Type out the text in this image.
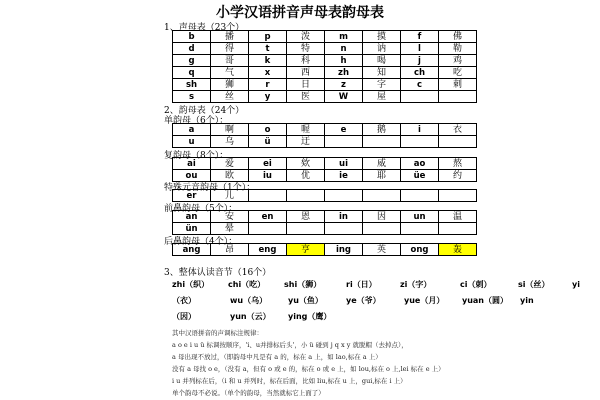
小学汉语拼音声母表韵母表
1、声母表（23个）
b	播	p	泼	m	摸	f	佛
d	得	t	特	n	讷	l	勒
g	哥	k	科	h	喝	j	鸡
q	气	x	西	zh	知	ch	吃
sh	狮	r	日	z	字	c	刺
s	丝	y	医	W	屋		
2、韵母表（24个）
单韵母（6个）：
a	啊	o	喔	e	鹅	i	衣
u	乌	ü	迂				
复韵母（8个）：
ai	爱	ei	欸	ui	威	ao	熬
ou	欧	iu	优	ie	耶	üe	约
特殊元音韵母（1个）：
er	儿						
前鼻韵母（5个）：
an	安	en	恩	in	因	un	温
ün	晕						
后鼻韵母（4个）：
ang	昂	eng	亨	ing	英	ong	轰
3、整体认读音节（16个）
zhi（织） chi（吃） shi（狮）	ri（日）	zi（字）	ci（刺）	si（丝）	yi
（衣）	wu（乌）	yu（鱼）	ye（爷）	yue（月） yuan（圆） yin
（因）	yun（云） ying（鹰）
其中汉语拼音的声调标注规律：
a o e i u ü 标调按顺序，'i、u并排标后头'，小 ü 碰到 j q x y 就脱帽（去掉点），
a 母出现不放过，（即韵母中凡是有 a 的，标在 a 上，如 lao,标在 a 上）
没有 a 母找 o e，（没有 a，但有 o 或 e 的，标在 o 或 e 上，如 lou,标在 o 上,lei 标在 e 上）
i u 并列标在后，（i 和 u 并列时，标在后面，比如 liu,标在 u 上，gui,标在 i 上）
单个韵母不必说。（单个的韵母，当然就标它上面了）
